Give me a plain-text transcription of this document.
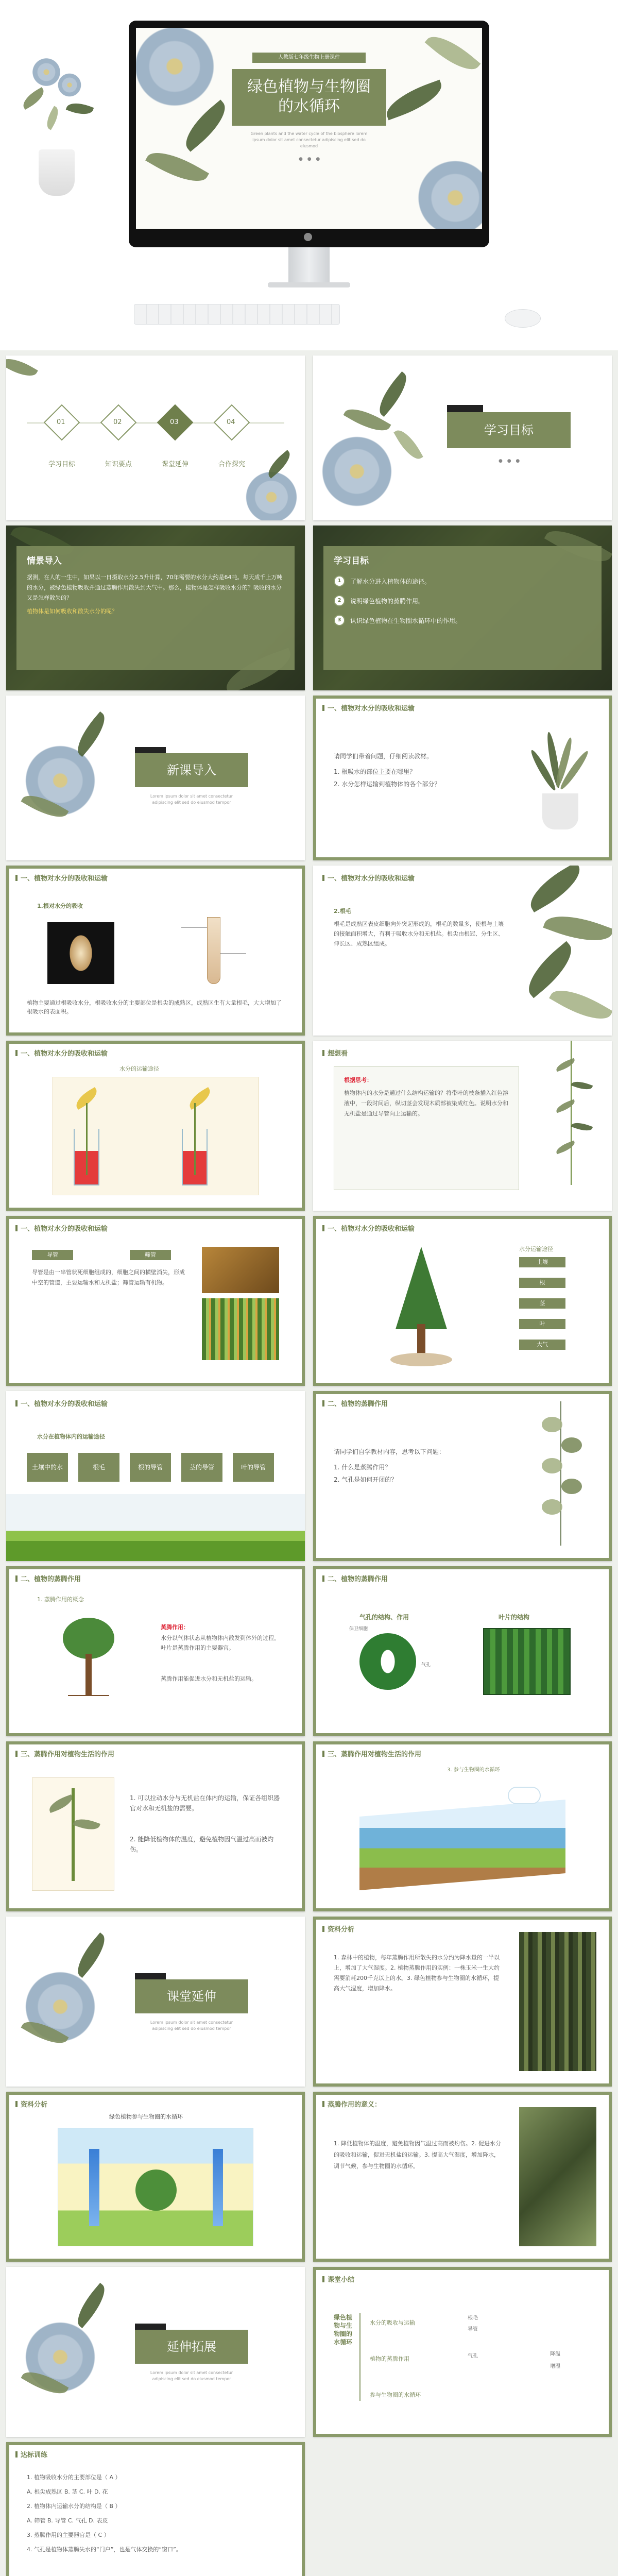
人教版七年级生物上册课件
绿色植物与生物圈
的水循环
Green plants and the water cycle of the biosphere lorem ipsum dolor sit amet consectetur adipiscing elit sed do eiusmod
● ● ●
01	02	03	04
学习目标	知识要点	课堂延伸	合作探究
学习目标
● ● ●
情景导入
据测，在人的一生中，如果以一日摄取水分2.5升计算，70年需要的水分大约是64吨。每天成千上万吨的水分，被绿色植物吸收并通过蒸腾作用散失到大气中。那么，植物体是怎样吸收水分的？吸收的水分又是怎样散失的？
植物体是如何吸收和散失水分的呢？
学习目标
1	了解水分进入植物体的途径。
2	说明绿色植物的蒸腾作用。
3	认识绿色植物在生物圈水循环中的作用。
新课导入
Lorem ipsum dolor sit amet consectetur adipiscing elit sed do eiusmod tempor
一、植物对水分的吸收和运输
请同学们带着问题，仔细阅读教材。
1. 根吸水的部位主要在哪里？
2. 水分怎样运输到植物体的各个部分？
一、植物对水分的吸收和运输
1.根对水分的吸收
植物主要通过根吸收水分，根吸收水分的主要部位是根尖的成熟区，成熟区生有大量根毛，大大增加了根吸水的表面积。
一、植物对水分的吸收和运输
2.根毛
根毛是成熟区表皮细胞向外突起形成的，根毛的数量多，使根与土壤的接触面积增大，有利于吸收水分和无机盐。根尖由根冠、分生区、伸长区、成熟区组成。
一、植物对水分的吸收和运输
水分的运输途径
想想看
根据思考：
植物体内的水分是通过什么结构运输的？将带叶的枝条插入红色溶液中，一段时间后，纵切茎会发现木质部被染成红色。说明水分和无机盐是通过导管向上运输的。
一、植物对水分的吸收和运输
导管	筛管
导管是由一串管状死细胞组成的，细胞之间的横壁消失，形成中空的管道，主要运输水和无机盐；筛管运输有机物。
一、植物对水分的吸收和运输
水分运输途径
土壤
根
茎
叶
大气
一、植物对水分的吸收和运输
水分在植物体内的运输途径
土壤中的水	根毛	根的导管	茎的导管	叶的导管
二、植物的蒸腾作用
请同学们自学教材内容，思考以下问题：
1. 什么是蒸腾作用？
2. 气孔是如何开闭的？
二、植物的蒸腾作用
1. 蒸腾作用的概念
蒸腾作用：
水分以气体状态从植物体内散发到体外的过程。叶片是蒸腾作用的主要器官。
蒸腾作用能促进水分和无机盐的运输。
二、植物的蒸腾作用
气孔的结构、作用	叶片的结构
保卫细胞
气孔
三、蒸腾作用对植物生活的作用
1. 可以拉动水分与无机盐在体内的运输，保证各组织器官对水和无机盐的需要。
2. 能降低植物体的温度，避免植物因气温过高而被灼伤。
三、蒸腾作用对植物生活的作用
3. 参与生物圈的水循环
课堂延伸
Lorem ipsum dolor sit amet consectetur adipiscing elit sed do eiusmod tempor
资料分析
1. 森林中的植物，每年蒸腾作用所散失的水分约为降水量的一半以上，增加了大气湿度。2. 植物蒸腾作用的实例：一株玉米一生大约需要消耗200千克以上的水。3. 绿色植物参与生物圈的水循环，提高大气湿度，增加降水。
资料分析
绿色植物参与生物圈的水循环
蒸腾作用的意义：
1. 降低植物体的温度，避免植物因气温过高而被灼伤。2. 促进水分的吸收和运输，促进无机盐的运输。3. 提高大气湿度，增加降水，调节气候，参与生物圈的水循环。
延伸拓展
Lorem ipsum dolor sit amet consectetur adipiscing elit sed do eiusmod tempor
课堂小结
绿色植物与生物圈的水循环
水分的吸收与运输
植物的蒸腾作用
参与生物圈的水循环
根毛
导管
气孔	降温
增湿
达标训练
1. 植物吸收水分的主要部位是（ A ）
A. 根尖成熟区 B. 茎 C. 叶 D. 花
2. 植物体内运输水分的结构是（ B ）
A. 筛管 B. 导管 C. 气孔 D. 表皮
3. 蒸腾作用的主要器官是（ C ）
4. 气孔是植物体蒸腾失水的“门户”，也是气体交换的“窗口”。
